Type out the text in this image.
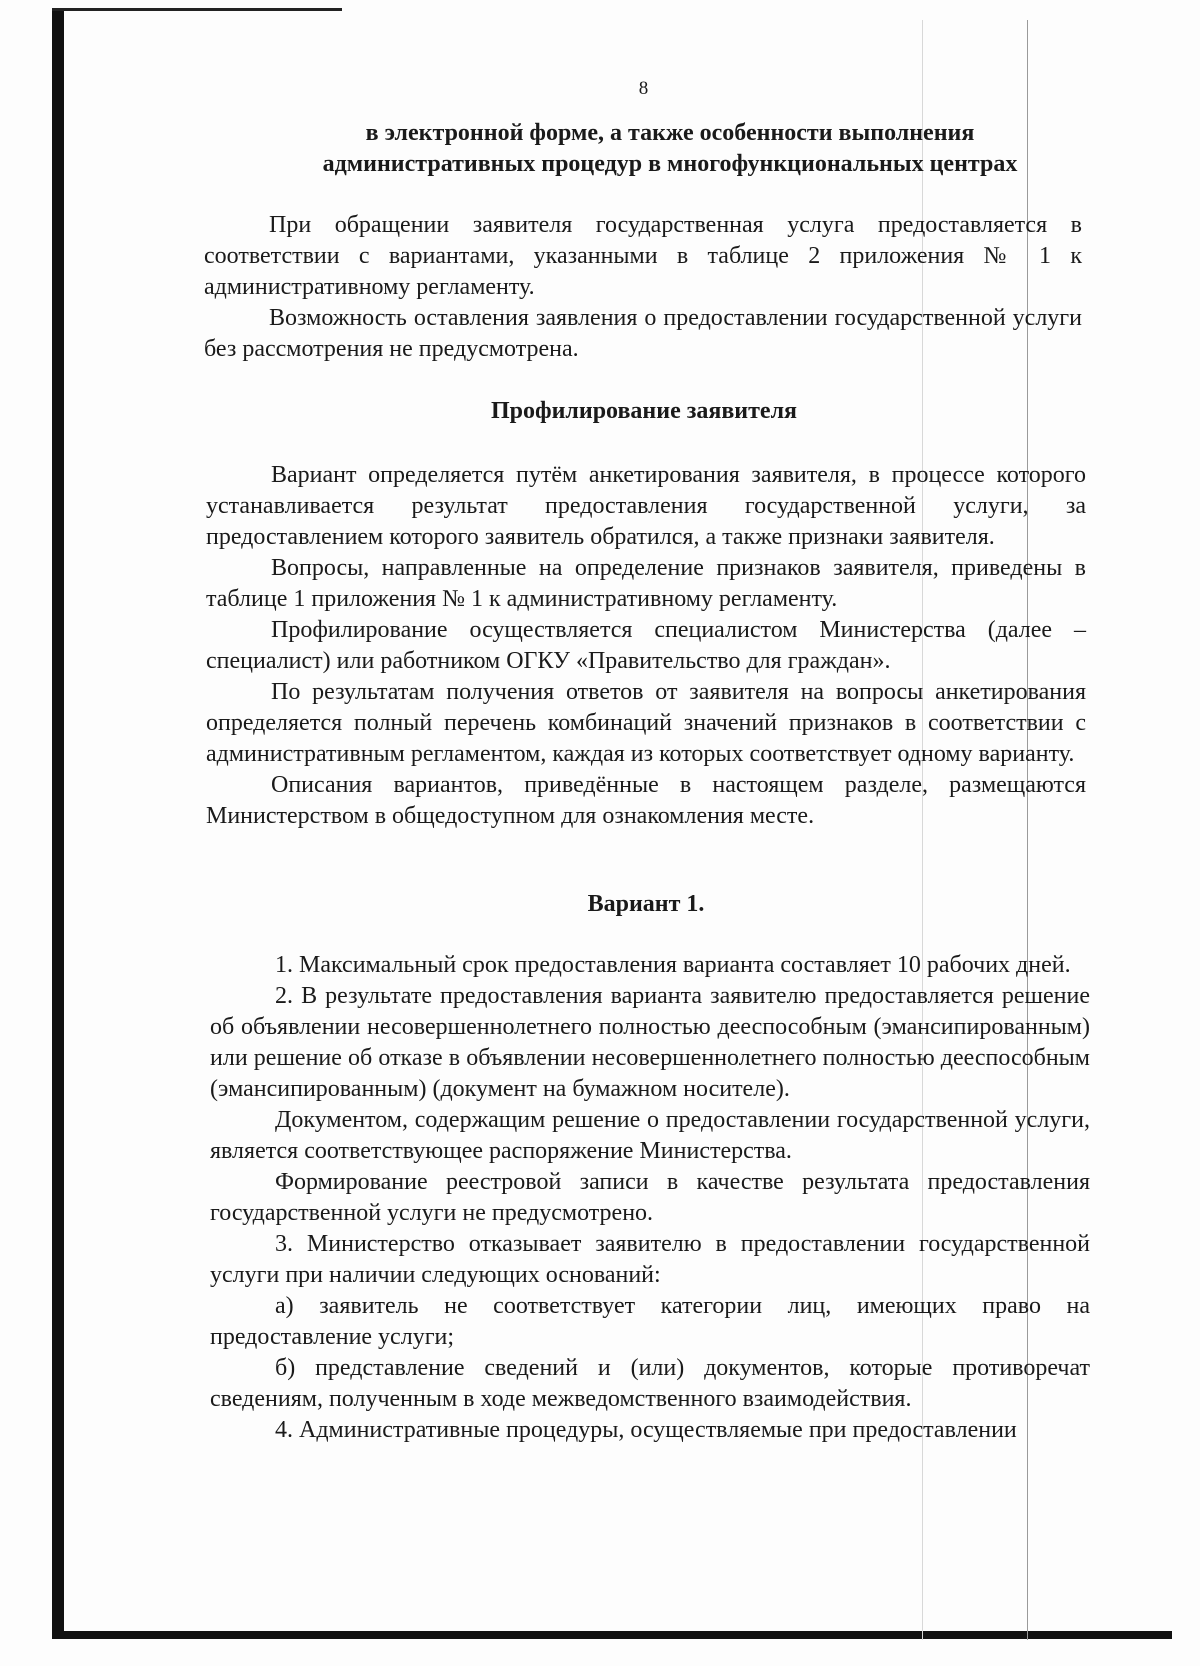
8

в электронной форме, а также особенности выполнения

административных процедур в многофункциональных центрах

При обращении заявителя государственная услуга предоставляется в соответствии с вариантами, указанными в таблице 2 приложения № 1 к административному регламенту.

Возможность оставления заявления о предоставлении государственной услуги без рассмотрения не предусмотрена.

Профилирование заявителя

Вариант определяется путём анкетирования заявителя, в процессе которого устанавливается результат предоставления государственной услуги, за предоставлением которого заявитель обратился, а также признаки заявителя.

Вопросы, направленные на определение признаков заявителя, приведены в таблице 1 приложения № 1 к административному регламенту.

Профилирование осуществляется специалистом Министерства (далее – специалист) или работником ОГКУ «Правительство для граждан».

По результатам получения ответов от заявителя на вопросы анкетирования определяется полный перечень комбинаций значений признаков в соответствии с административным регламентом, каждая из которых соответствует одному варианту.

Описания вариантов, приведённые в настоящем разделе, размещаются Министерством в общедоступном для ознакомления месте.

Вариант 1.

1. Максимальный срок предоставления варианта составляет 10 рабочих дней.

2. В результате предоставления варианта заявителю предоставляется решение об объявлении несовершеннолетнего полностью дееспособным (эмансипированным) или решение об отказе в объявлении несовершеннолетнего полностью дееспособным (эмансипированным) (документ на бумажном носителе).

Документом, содержащим решение о предоставлении государственной услуги, является соответствующее распоряжение Министерства.

Формирование реестровой записи в качестве результата предоставления государственной услуги не предусмотрено.

3. Министерство отказывает заявителю в предоставлении государственной услуги при наличии следующих оснований:

а) заявитель не соответствует категории лиц, имеющих право на предоставление услуги;

б) представление сведений и (или) документов, которые противоречат сведениям, полученным в ходе межведомственного взаимодействия.

4. Административные процедуры, осуществляемые при предоставлении
